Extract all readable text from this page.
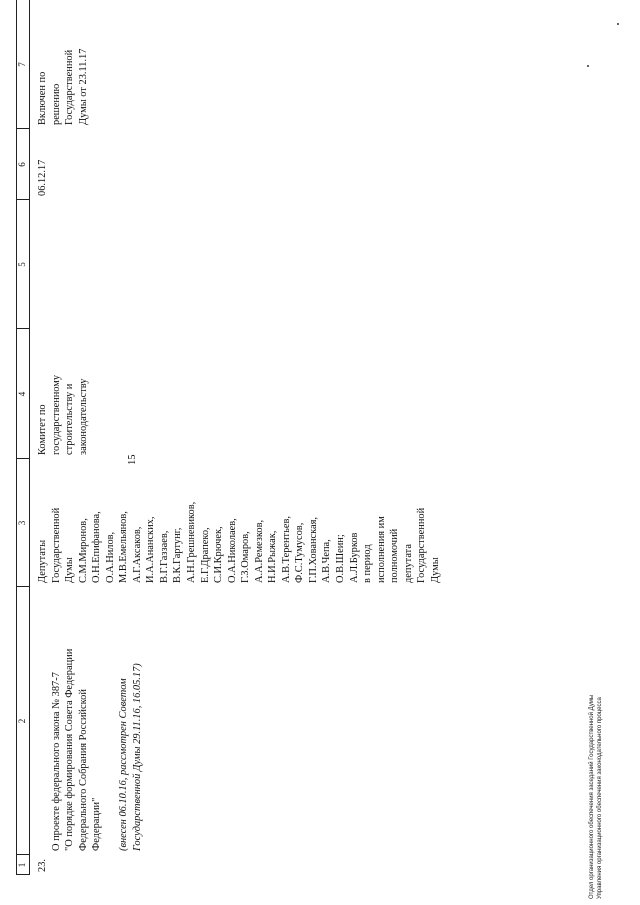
15
1
2
3
4
5
6
7
23.

О проекте федерального закона № 387-7
"О порядке формирования Совета Федерации
Федерального Собрания Российской
Федерации" (внесен 06.10.16, рассмотрен Советом
Государственной Думы 29.11.16, 16.05.17)

Депутаты
Государственной
Думы
С.М.Миронов,
О.Н.Епифанова,
О.А.Нилов,
М.В.Емельянов,
А.Г.Аксаков,
И.А.Ананских,
В.Г.Газзаев,
В.К.Гартунг,
А.Н.Грешневиков,
Е.Г.Драпеко,
С.И.Крючек,
О.А.Николаев,
Г.З.Омаров,
А.А.Ремезков,
Н.И.Рыжак,
А.В.Терентьев,
Ф.С.Тумусов,
Г.П.Хованская,
А.В.Чепа,
О.В.Шеин;
А.Л.Бурков
в период
исполнения им
полномочий
депутата
Государственной
Думы
Комитет по
государственному
строительству и
законодательству
06.12.17
Включен по
решению
Государственной
Думы от 23.11.17
Отдел организационного обеспечения заседаний Государственной Думы Управления организационного обеспечения законодательного процесса
